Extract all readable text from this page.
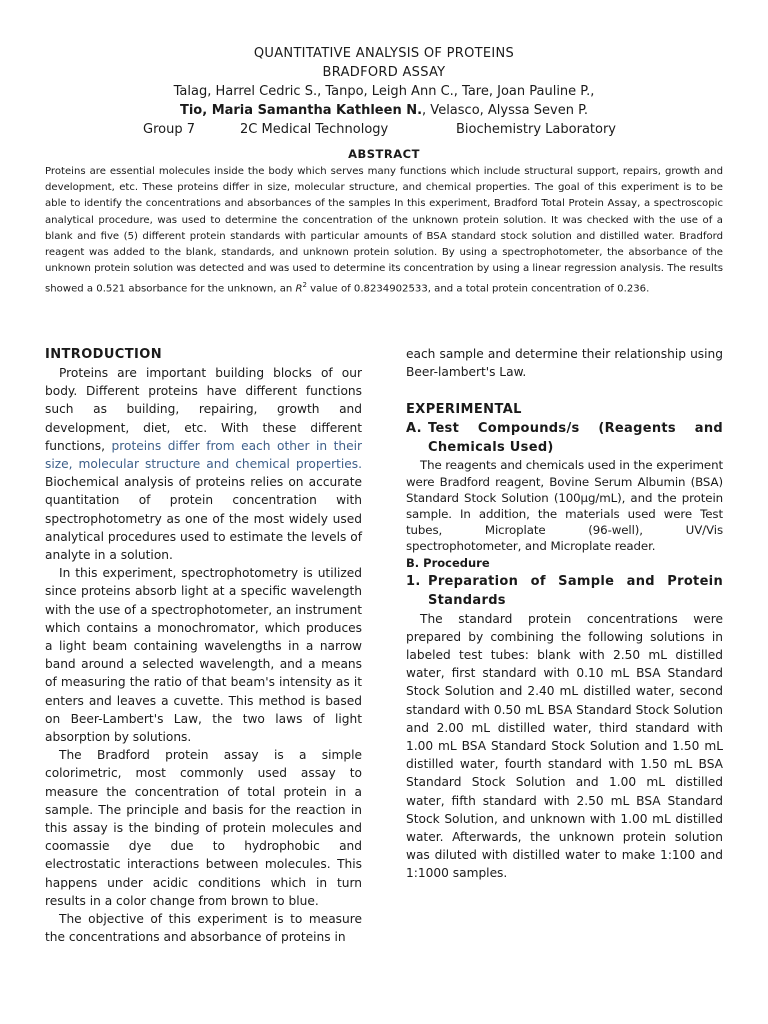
QUANTITATIVE ANALYSIS OF PROTEINS
BRADFORD ASSAY
Talag, Harrel Cedric S., Tanpo, Leigh Ann C., Tare, Joan Pauline P.,
Tio, Maria Samantha Kathleen N., Velasco, Alyssa Seven P.
Group 7	2C Medical Technology	Biochemistry Laboratory
ABSTRACT

Proteins are essential molecules inside the body which serves many functions which include structural support, repairs, growth and development, etc. These proteins differ in size, molecular structure, and chemical properties. The goal of this experiment is to be able to identify the concentrations and absorbances of the samples In this experiment, Bradford Total Protein Assay, a spectroscopic analytical procedure, was used to determine the concentration of the unknown protein solution. It was checked with the use of a blank and five (5) different protein standards with particular amounts of BSA standard stock solution and distilled water. Bradford reagent was added to the blank, standards, and unknown protein solution. By using a spectrophotometer, the absorbance of the unknown protein solution was detected and was used to determine its concentration by using a linear regression analysis. The results showed a 0.521 absorbance for the unknown, an $R^2$ value of 0.8234902533, and a total protein concentration of 0.236.

INTRODUCTION

Proteins are important building blocks of our body. Different proteins have different functions such as building, repairing, growth and development, diet, etc. With these different functions, proteins differ from each other in their size, molecular structure and chemical properties. Biochemical analysis of proteins relies on accurate quantitation of protein concentration with spectrophotometry as one of the most widely used analytical procedures used to estimate the levels of analyte in a solution.

In this experiment, spectrophotometry is utilized since proteins absorb light at a specific wavelength with the use of a spectrophotometer, an instrument which contains a monochromator, which produces a light beam containing wavelengths in a narrow band around a selected wavelength, and a means of measuring the ratio of that beam's intensity as it enters and leaves a cuvette. This method is based on Beer-Lambert's Law, the two laws of light absorption by solutions.

The Bradford protein assay is a simple colorimetric, most commonly used assay to measure the concentration of total protein in a sample. The principle and basis for the reaction in this assay is the binding of protein molecules and coomassie dye due to hydrophobic and electrostatic interactions between molecules. This happens under acidic conditions which in turn results in a color change from brown to blue.

The objective of this experiment is to measure the concentrations and absorbance of proteins in

each sample and determine their relationship using Beer-lambert's Law.

EXPERIMENTAL

A. Test Compounds/s (Reagents and Chemicals Used)

The reagents and chemicals used in the experiment were Bradford reagent, Bovine Serum Albumin (BSA) Standard Stock Solution (100μg/mL), and the protein sample. In addition, the materials used were Test tubes, Microplate (96-well), UV/Vis spectrophotometer, and Microplate reader.

B. Procedure

1. Preparation of Sample and Protein Standards

The standard protein concentrations were prepared by combining the following solutions in labeled test tubes: blank with 2.50 mL distilled water, first standard with 0.10 mL BSA Standard Stock Solution and 2.40 mL distilled water, second standard with 0.50 mL BSA Standard Stock Solution and 2.00 mL distilled water, third standard with 1.00 mL BSA Standard Stock Solution and 1.50 mL distilled water, fourth standard with 1.50 mL BSA Standard Stock Solution and 1.00 mL distilled water, fifth standard with 2.50 mL BSA Standard Stock Solution, and unknown with 1.00 mL distilled water. Afterwards, the unknown protein solution was diluted with distilled water to make 1:100 and 1:1000 samples.
